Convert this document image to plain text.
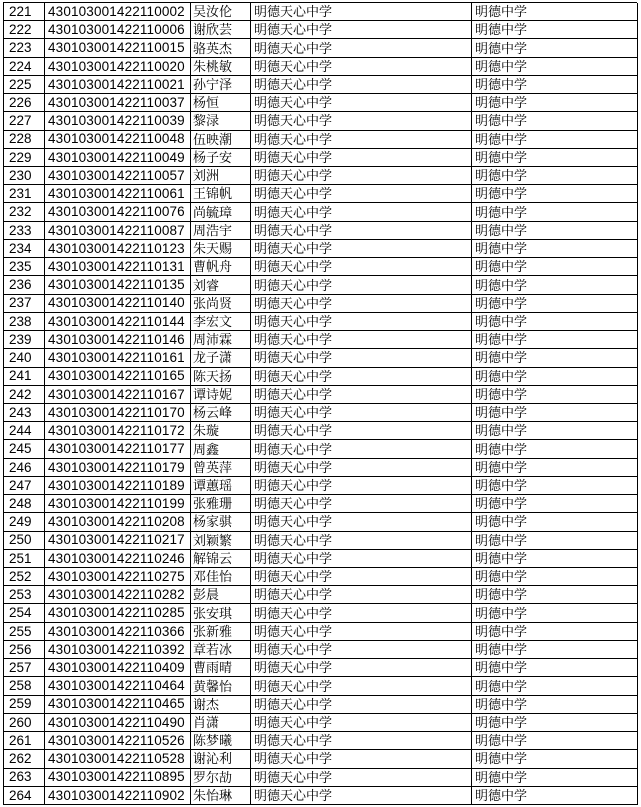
221	430103001422110002 吴汝伦	明德天心中学	明德中学
222	430103001422110006 谢欣芸	明德天心中学	明德中学
223	430103001422110015 骆英杰	明德天心中学	明德中学
224	430103001422110020 朱桃敏	明德天心中学	明德中学
225	430103001422110021 孙宁泽	明德天心中学	明德中学
226	430103001422110037 杨恒	明德天心中学	明德中学
227	430103001422110039 黎渌	明德天心中学	明德中学
228	430103001422110048 伍映潮	明德天心中学	明德中学
229	430103001422110049 杨子安	明德天心中学	明德中学
230	430103001422110057 刘洲	明德天心中学	明德中学
231	430103001422110061 王锦帆	明德天心中学	明德中学
232	430103001422110076 尚毓璋	明德天心中学	明德中学
233	430103001422110087 周浩宇	明德天心中学	明德中学
234	430103001422110123 朱天赐	明德天心中学	明德中学
235	430103001422110131 曹帆舟	明德天心中学	明德中学
236	430103001422110135 刘睿	明德天心中学	明德中学
237	430103001422110140 张尚贤	明德天心中学	明德中学
238	430103001422110144 李宏文	明德天心中学	明德中学
239	430103001422110146 周沛霖	明德天心中学	明德中学
240	430103001422110161 龙子潇	明德天心中学	明德中学
241	430103001422110165 陈天扬	明德天心中学	明德中学
242	430103001422110167 谭诗妮	明德天心中学	明德中学
243	430103001422110170 杨云峰	明德天心中学	明德中学
244	430103001422110172 朱璇	明德天心中学	明德中学
245	430103001422110177 周鑫	明德天心中学	明德中学
246	430103001422110179 曾英萍	明德天心中学	明德中学
247	430103001422110189 谭蕙瑶	明德天心中学	明德中学
248	430103001422110199 张雅珊	明德天心中学	明德中学
249	430103001422110208 杨家骐	明德天心中学	明德中学
250	430103001422110217 刘颖繁	明德天心中学	明德中学
251	430103001422110246 解锦云	明德天心中学	明德中学
252	430103001422110275 邓佳怡	明德天心中学	明德中学
253	430103001422110282 彭晨	明德天心中学	明德中学
254	430103001422110285 张安琪	明德天心中学	明德中学
255	430103001422110366 张新雅	明德天心中学	明德中学
256	430103001422110392 章若冰	明德天心中学	明德中学
257	430103001422110409 曹雨晴	明德天心中学	明德中学
258	430103001422110464 黄馨怡	明德天心中学	明德中学
259	430103001422110465 谢杰	明德天心中学	明德中学
260	430103001422110490 肖潇	明德天心中学	明德中学
261	430103001422110526 陈梦曦	明德天心中学	明德中学
262	430103001422110528 谢沁利	明德天心中学	明德中学
263	430103001422110895 罗尔劼	明德天心中学	明德中学
264	430103001422110902 朱怡琳	明德天心中学	明德中学
